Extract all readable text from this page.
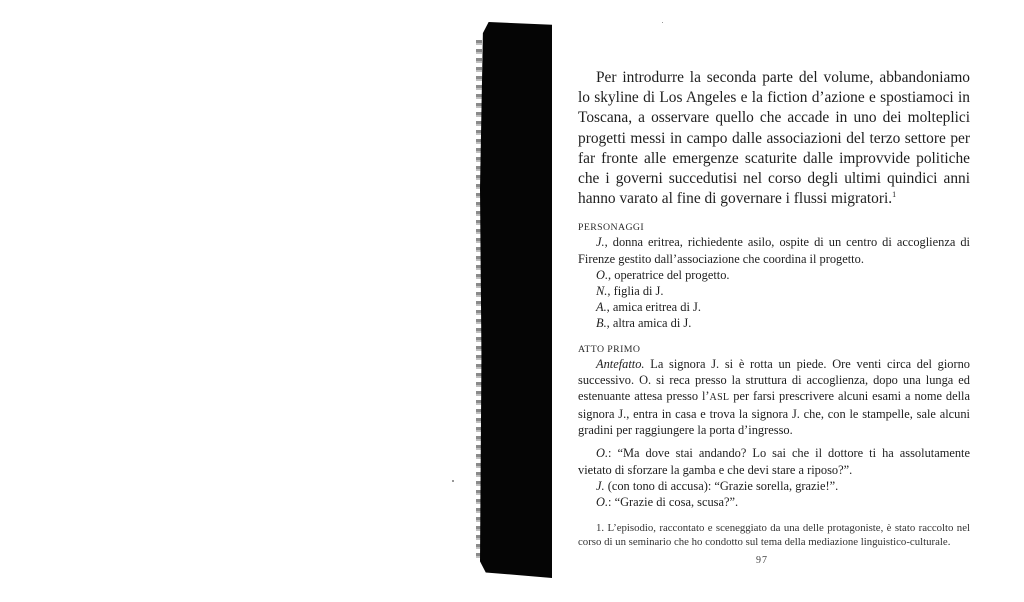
Per introdurre la seconda parte del volume, abbandoniamo lo skyline di Los Angeles e la fiction d’azione e spostiamoci in Toscana, a osservare quello che accade in uno dei molteplici progetti messi in campo dalle associazioni del terzo settore per far fronte alle emergenze scaturite dalle improvvide politiche che i governi succedutisi nel corso degli ultimi quindici anni hanno varato al fine di governare i flussi migratori.$^1$

PERSONAGGI

J., donna eritrea, richiedente asilo, ospite di un centro di accoglienza di Firenze gestito dall’associazione che coordina il progetto.

O., operatrice del progetto.

N., figlia di J.

A., amica eritrea di J.

B., altra amica di J.

ATTO PRIMO

Antefatto. La signora J. si è rotta un piede. Ore venti circa del giorno successivo. O. si reca presso la struttura di accoglienza, dopo una lunga ed estenuante attesa presso l’ASL per farsi prescrivere alcuni esami a nome della signora J., entra in casa e trova la signora J. che, con le stampelle, sale alcuni gradini per raggiungere la porta d’ingresso.

O.: “Ma dove stai andando? Lo sai che il dottore ti ha assolutamente vietato di sforzare la gamba e che devi stare a riposo?”.

J. (con tono di accusa): “Grazie sorella, grazie!”.

O.: “Grazie di cosa, scusa?”.

1. L’episodio, raccontato e sceneggiato da una delle protagoniste, è stato raccolto nel corso di un seminario che ho condotto sul tema della mediazione linguistico-culturale.

97
